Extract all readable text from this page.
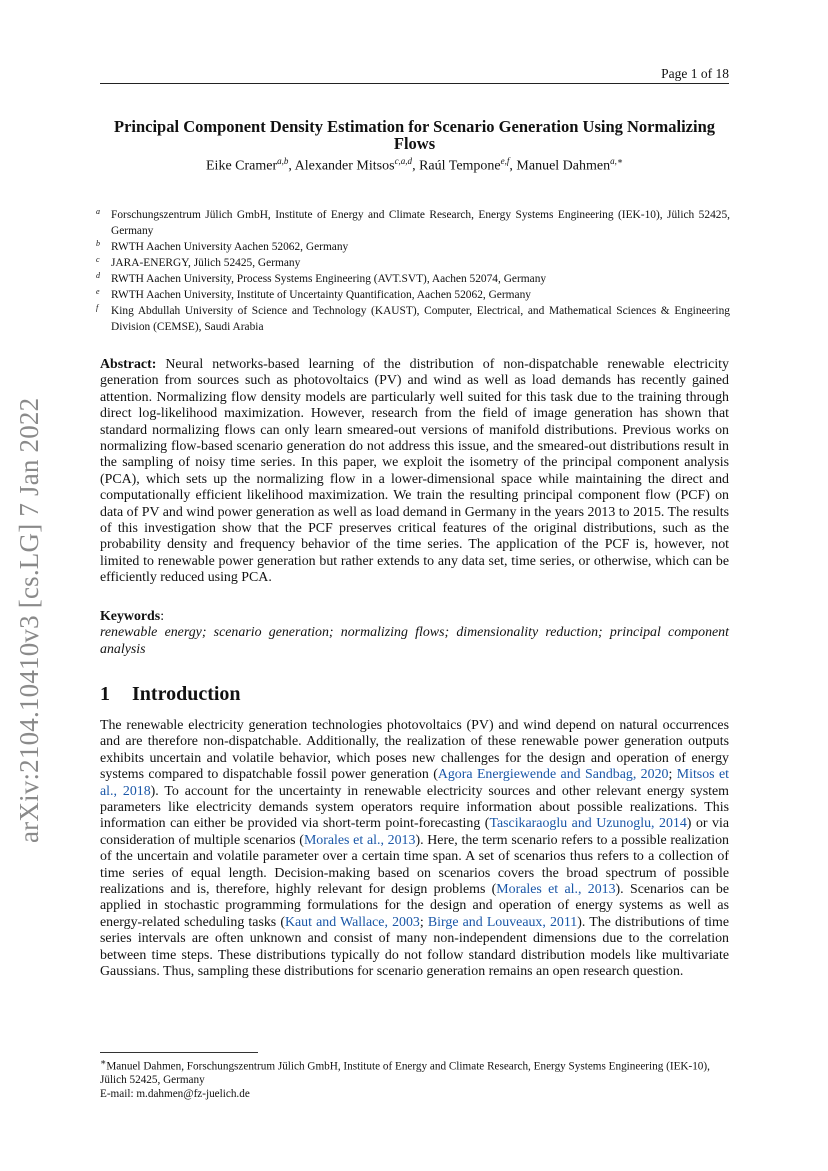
Page 1 of 18
arXiv:2104.10410v3 [cs.LG] 7 Jan 2022
Principal Component Density Estimation for Scenario Generation Using Normalizing Flows
Eike Cramer$^{a,b}$, Alexander Mitsos$^{c,a,d}$, Raúl Tempone$^{e,f}$, Manuel Dahmen$^{a,∗}$
a Forschungszentrum Jülich GmbH, Institute of Energy and Climate Research, Energy Systems Engineering (IEK-10), Jülich 52425, Germany
b RWTH Aachen University Aachen 52062, Germany
c JARA-ENERGY, Jülich 52425, Germany
d RWTH Aachen University, Process Systems Engineering (AVT.SVT), Aachen 52074, Germany
e RWTH Aachen University, Institute of Uncertainty Quantification, Aachen 52062, Germany
f King Abdullah University of Science and Technology (KAUST), Computer, Electrical, and Mathematical Sciences & Engineering Division (CEMSE), Saudi Arabia
Abstract: Neural networks-based learning of the distribution of non-dispatchable renewable electricity generation from sources such as photovoltaics (PV) and wind as well as load demands has recently gained attention. Normalizing flow density models are particularly well suited for this task due to the training through direct log-likelihood maximization. However, research from the field of image generation has shown that standard normalizing flows can only learn smeared-out versions of manifold distributions. Previous works on normalizing flow-based scenario generation do not address this issue, and the smeared-out distributions result in the sampling of noisy time series. In this paper, we exploit the isometry of the principal component analysis (PCA), which sets up the normalizing flow in a lower-dimensional space while maintaining the direct and computationally efficient likelihood maximization. We train the resulting principal component flow (PCF) on data of PV and wind power generation as well as load demand in Germany in the years 2013 to 2015. The results of this investigation show that the PCF preserves critical features of the original distributions, such as the probability density and frequency behavior of the time series. The application of the PCF is, however, not limited to renewable power generation but rather extends to any data set, time series, or otherwise, which can be efficiently reduced using PCA.
Keywords:
renewable energy; scenario generation; normalizing flows; dimensionality reduction; principal component analysis
1 Introduction
The renewable electricity generation technologies photovoltaics (PV) and wind depend on natural occurrences and are therefore non-dispatchable. Additionally, the realization of these renewable power generation outputs exhibits uncertain and volatile behavior, which poses new challenges for the design and operation of energy systems compared to dispatchable fossil power generation (Agora Energiewende and Sandbag, 2020; Mitsos et al., 2018). To account for the uncertainty in renewable electricity sources and other relevant energy system parameters like electricity demands system operators require information about possible realizations. This information can either be provided via short-term point-forecasting (Tascikaraoglu and Uzunoglu, 2014) or via consideration of multiple scenarios (Morales et al., 2013). Here, the term scenario refers to a possible realization of the uncertain and volatile parameter over a certain time span. A set of scenarios thus refers to a collection of time series of equal length. Decision-making based on scenarios covers the broad spectrum of possible realizations and is, therefore, highly relevant for design problems (Morales et al., 2013). Scenarios can be applied in stochastic programming formulations for the design and operation of energy systems as well as energy-related scheduling tasks (Kaut and Wallace, 2003; Birge and Louveaux, 2011). The distributions of time series intervals are often unknown and consist of many non-independent dimensions due to the correlation between time steps. These distributions typically do not follow standard distribution models like multivariate Gaussians. Thus, sampling these distributions for scenario generation remains an open research question.
∗Manuel Dahmen, Forschungszentrum Jülich GmbH, Institute of Energy and Climate Research, Energy Systems Engineering (IEK-10), Jülich 52425, Germany
E-mail: m.dahmen@fz-juelich.de
